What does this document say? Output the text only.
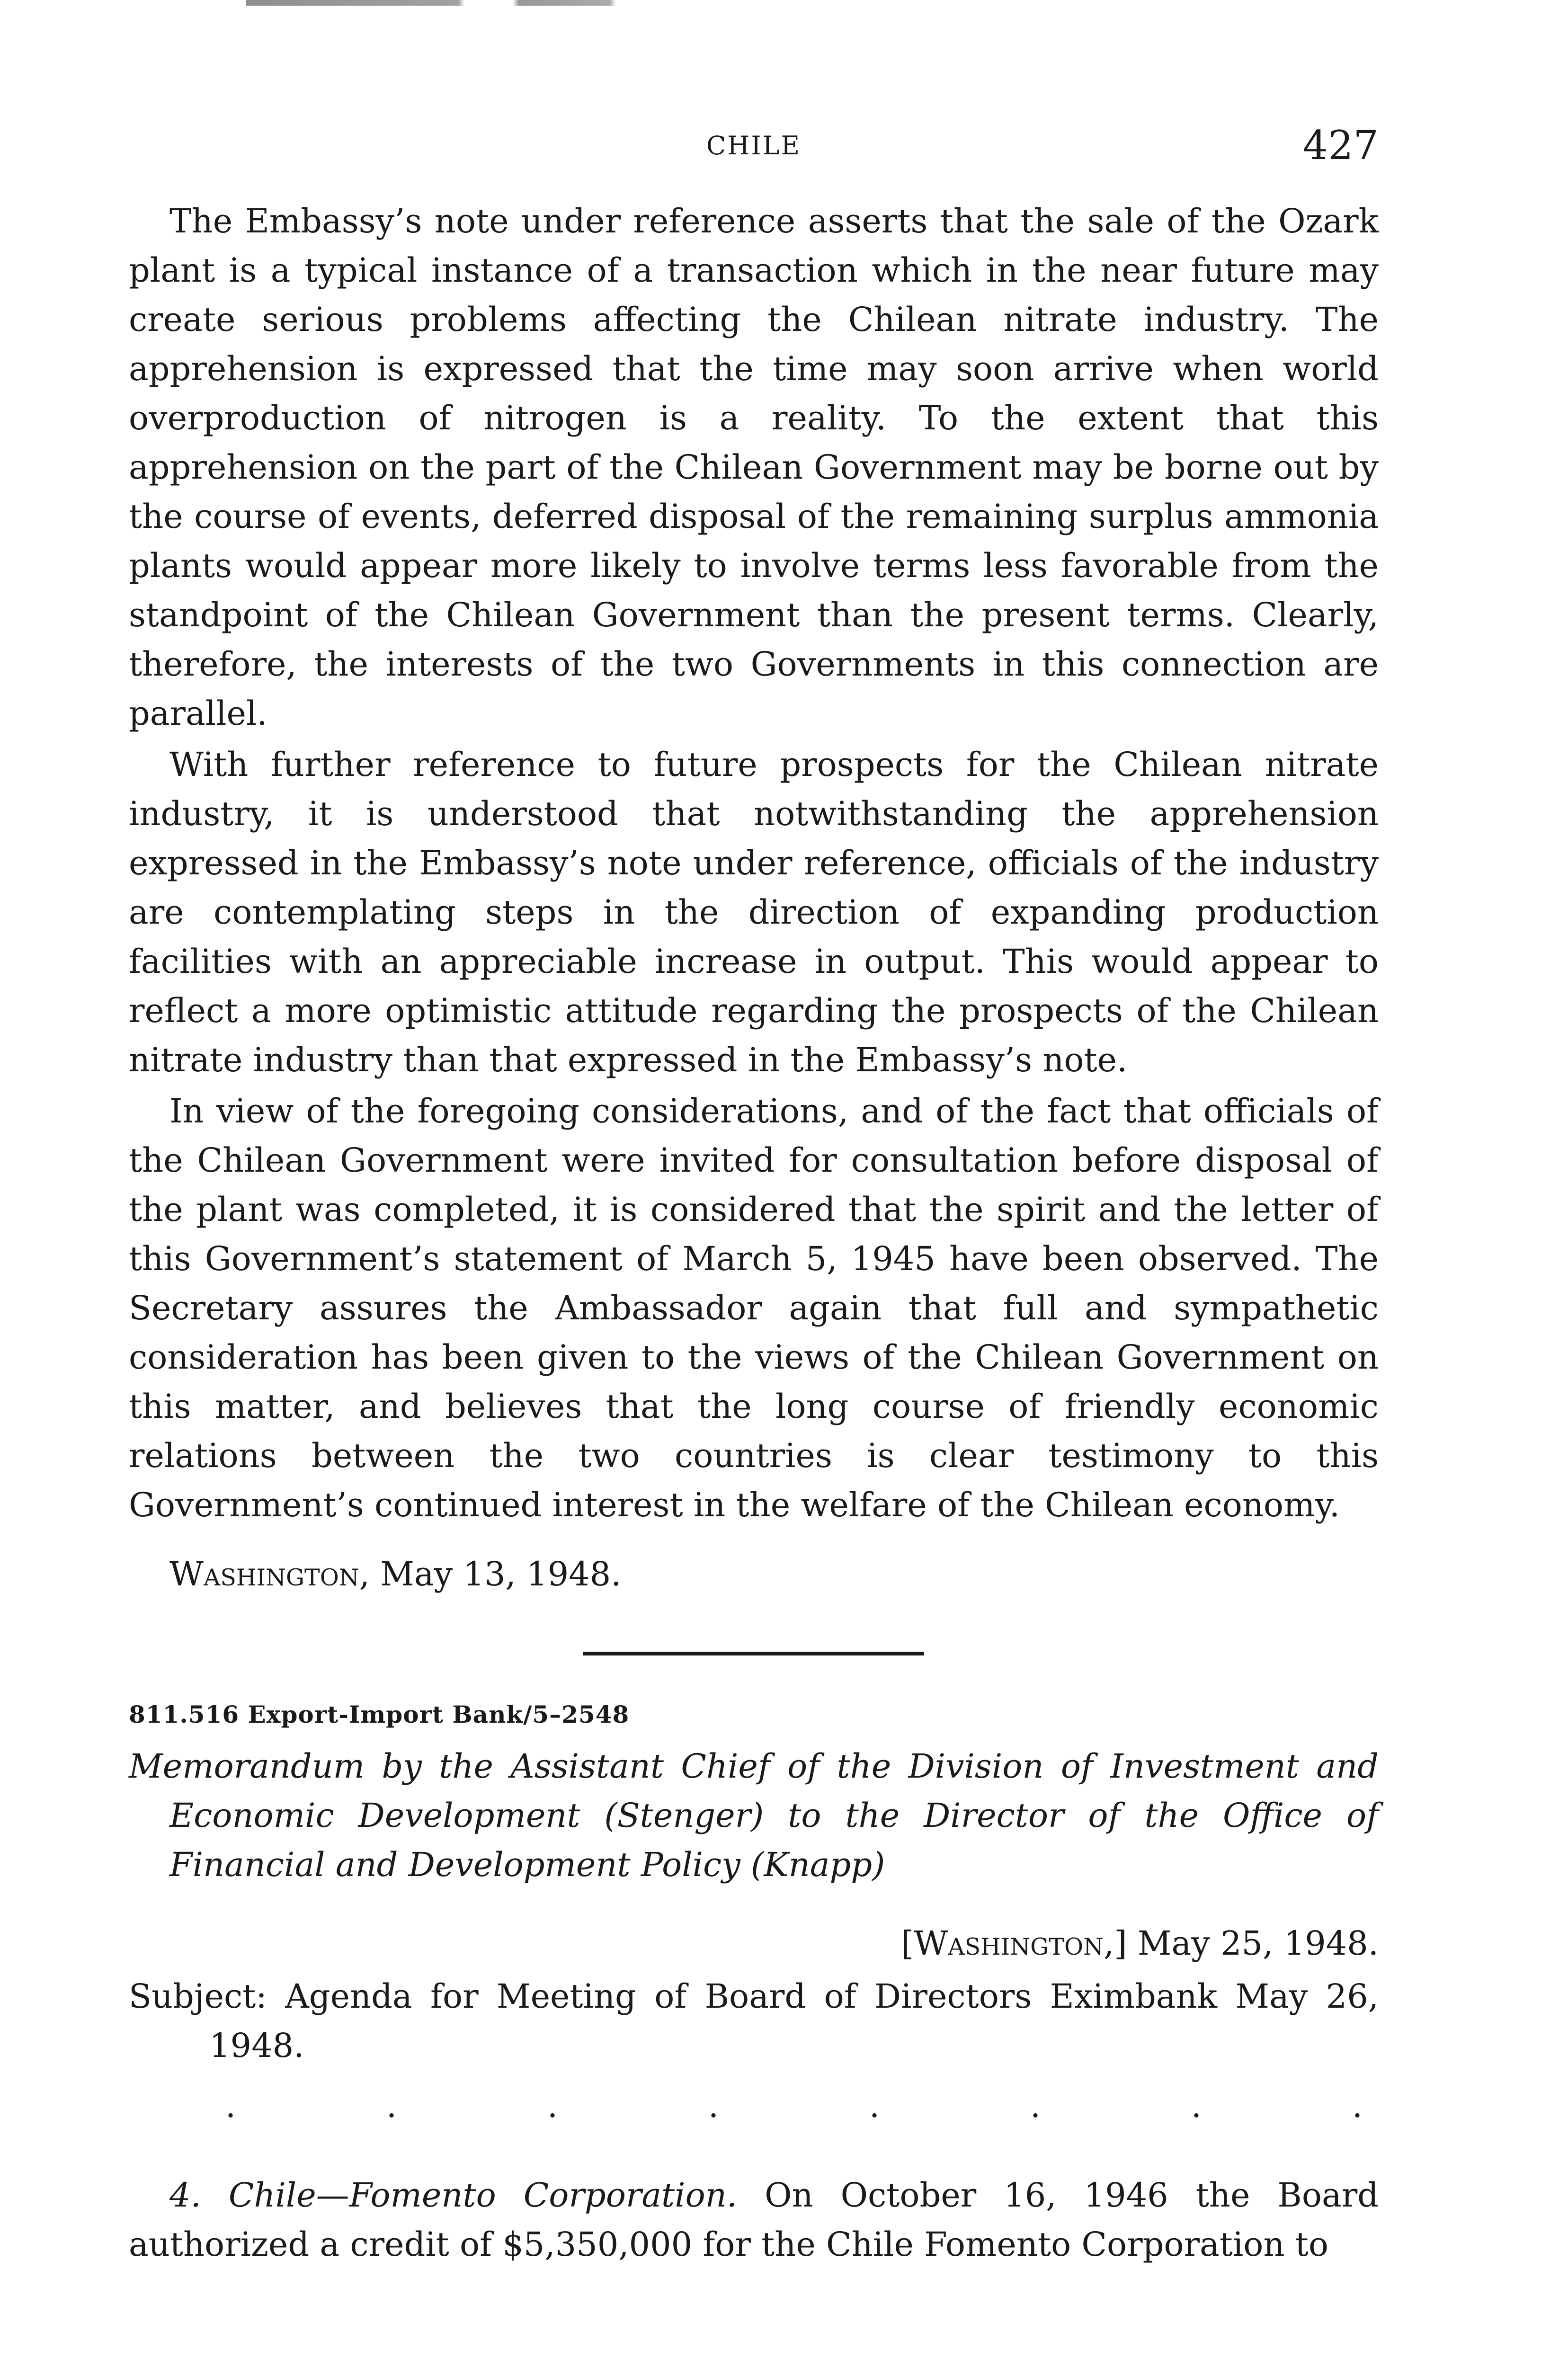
CHILE	427

The Embassy’s note under reference asserts that the sale of the Ozark plant is a typical instance of a transaction which in the near future may create serious problems affecting the Chilean nitrate industry. The apprehension is expressed that the time may soon arrive when world overproduction of nitrogen is a reality. To the extent that this apprehension on the part of the Chilean Government may be borne out by the course of events, deferred disposal of the remaining surplus ammonia plants would appear more likely to involve terms less favorable from the standpoint of the Chilean Government than the present terms. Clearly, therefore, the interests of the two Governments in this connection are parallel.

With further reference to future prospects for the Chilean nitrate industry, it is understood that notwithstanding the apprehension expressed in the Embassy’s note under reference, officials of the industry are contemplating steps in the direction of expanding production facilities with an appreciable increase in output. This would appear to reflect a more optimistic attitude regarding the prospects of the Chilean nitrate industry than that expressed in the Embassy’s note.

In view of the foregoing considerations, and of the fact that officials of the Chilean Government were invited for consultation before disposal of the plant was completed, it is considered that the spirit and the letter of this Government’s statement of March 5, 1945 have been observed. The Secretary assures the Ambassador again that full and sympathetic consideration has been given to the views of the Chilean Government on this matter, and believes that the long course of friendly economic relations between the two countries is clear testimony to this Government’s continued interest in the welfare of the Chilean economy.

Washington, May 13, 1948.
811.516 Export-Import Bank/5–2548
Memorandum by the Assistant Chief of the Division of Investment and Economic Development (Stenger) to the Director of the Office of Financial and Development Policy (Knapp)
[Washington,] May 25, 1948.
Subject: Agenda for Meeting of Board of Directors Eximbank May 26, 1948.
.	.	.	.	.	.	.	.

4. Chile—Fomento Corporation. On October 16, 1946 the Board authorized a credit of $5,350,000 for the Chile Fomento Corporation to
